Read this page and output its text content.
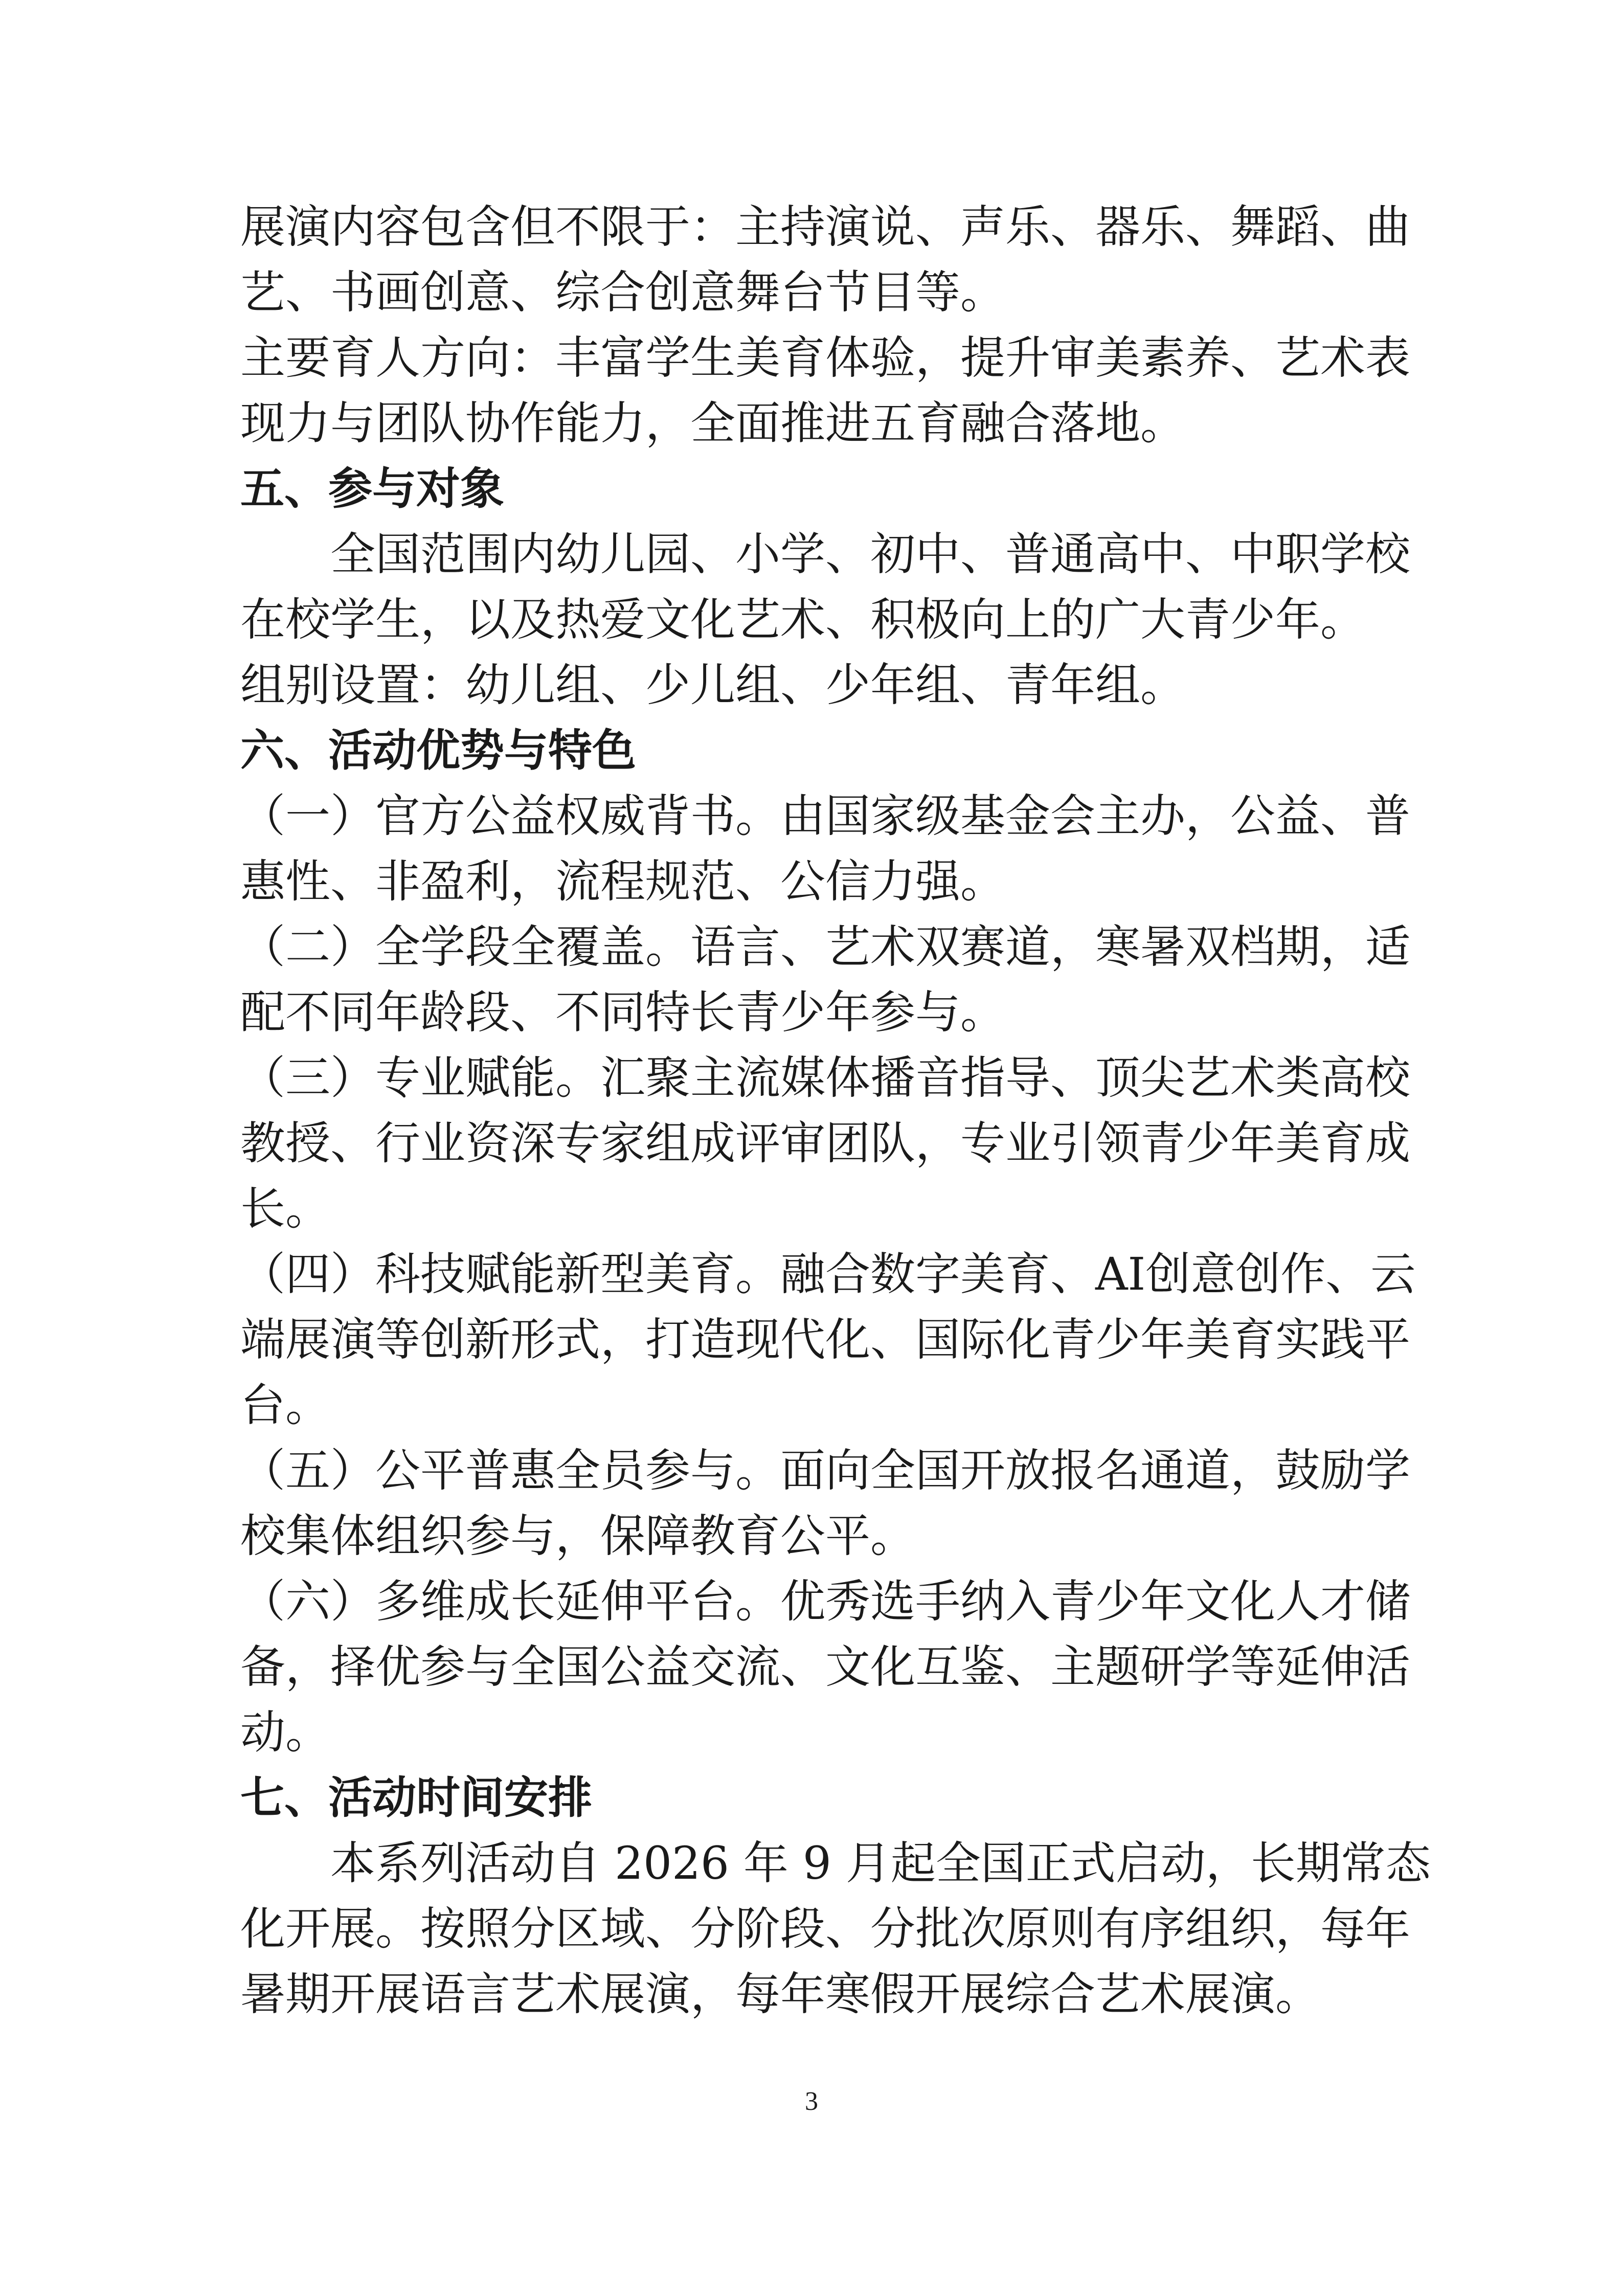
展演内容包含但不限于：主持演说、声乐、器乐、舞蹈、曲
艺、书画创意、综合创意舞台节目等。
主要育人方向：丰富学生美育体验，提升审美素养、艺术表
现力与团队协作能力，全面推进五育融合落地。
五、参与对象
全国范围内幼儿园、小学、初中、普通高中、中职学校
在校学生，以及热爱文化艺术、积极向上的广大青少年。
组别设置：幼儿组、少儿组、少年组、青年组。
六、活动优势与特色
（一）官方公益权威背书。由国家级基金会主办，公益、普
惠性、非盈利，流程规范、公信力强。
（二）全学段全覆盖。语言、艺术双赛道，寒暑双档期，适
配不同年龄段、不同特长青少年参与。
（三）专业赋能。汇聚主流媒体播音指导、顶尖艺术类高校
教授、行业资深专家组成评审团队，专业引领青少年美育成
长。
（四）科技赋能新型美育。融合数字美育、AI创意创作、云
端展演等创新形式，打造现代化、国际化青少年美育实践平
台。
（五）公平普惠全员参与。面向全国开放报名通道，鼓励学
校集体组织参与，保障教育公平。
（六）多维成长延伸平台。优秀选手纳入青少年文化人才储
备，择优参与全国公益交流、文化互鉴、主题研学等延伸活
动。
七、活动时间安排
本系列活动自 2026 年 9 月起全国正式启动，长期常态
化开展。按照分区域、分阶段、分批次原则有序组织，每年
暑期开展语言艺术展演，每年寒假开展综合艺术展演。
3
